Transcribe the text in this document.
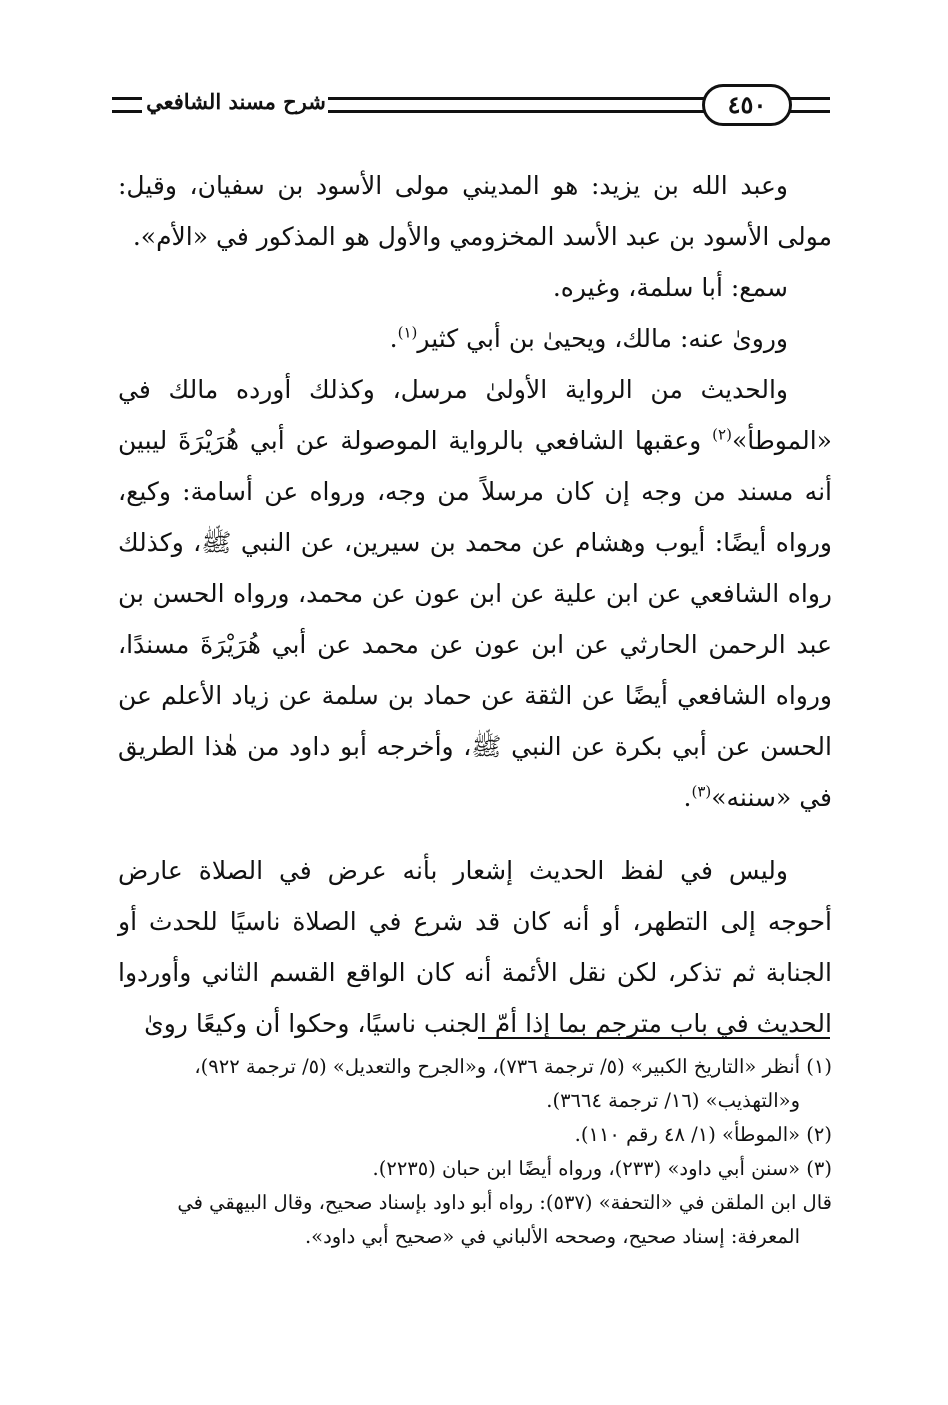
شرح مسند الشافعي	٤٥٠

وعبد الله بن يزيد: هو المديني مولى الأسود بن سفيان، وقيل: مولى الأسود بن عبد الأسد المخزومي والأول هو المذكور في «الأم».

سمع: أبا سلمة، وغيره.

ورویٰ عنه: مالك، ويحيىٰ بن أبي كثير$^{(١)}$.

والحديث من الرواية الأولىٰ مرسل، وكذلك أورده مالك في «الموطأ»$^{(٢)}$ وعقبها الشافعي بالرواية الموصولة عن أبي هُرَيْرَةَ ليبين أنه مسند من وجه إن كان مرسلاً من وجه، ورواه عن أسامة: وكيع، ورواه أيضًا: أيوب وهشام عن محمد بن سيرين، عن النبي ﷺ، وكذلك رواه الشافعي عن ابن علية عن ابن عون عن محمد، ورواه الحسن بن عبد الرحمن الحارثي عن ابن عون عن محمد عن أبي هُرَيْرَةَ مسندًا، ورواه الشافعي أيضًا عن الثقة عن حماد بن سلمة عن زياد الأعلم عن الحسن عن أبي بكرة عن النبي ﷺ، وأخرجه أبو داود من هٰذا الطريق في «سننه»$^{(٣)}$.

وليس في لفظ الحديث إشعار بأنه عرض في الصلاة عارض أحوجه إلى التطهر، أو أنه كان قد شرع في الصلاة ناسيًا للحدث أو الجنابة ثم تذكر، لكن نقل الأئمة أنه كان الواقع القسم الثاني وأوردوا الحديث في باب مترجم بما إذا أمّ الجنب ناسيًا، وحكوا أن وكيعًا رویٰ

(١) أنظر «التاريخ الكبير» (٥/ ترجمة ٧٣٦)، و«الجرح والتعديل» (٥/ ترجمة ٩٢٢)،

و«التهذيب» (١٦/ ترجمة ٣٦٦٤).

(٢) «الموطأ» (١/ ٤٨ رقم ١١٠).

(٣) «سنن أبي داود» (٢٣٣)، ورواه أيضًا ابن حبان (٢٢٣٥).

قال ابن الملقن في «التحفة» (٥٣٧): رواه أبو داود بإسناد صحيح، وقال البيهقي في

المعرفة: إسناد صحيح، وصححه الألباني في «صحيح أبي داود».
